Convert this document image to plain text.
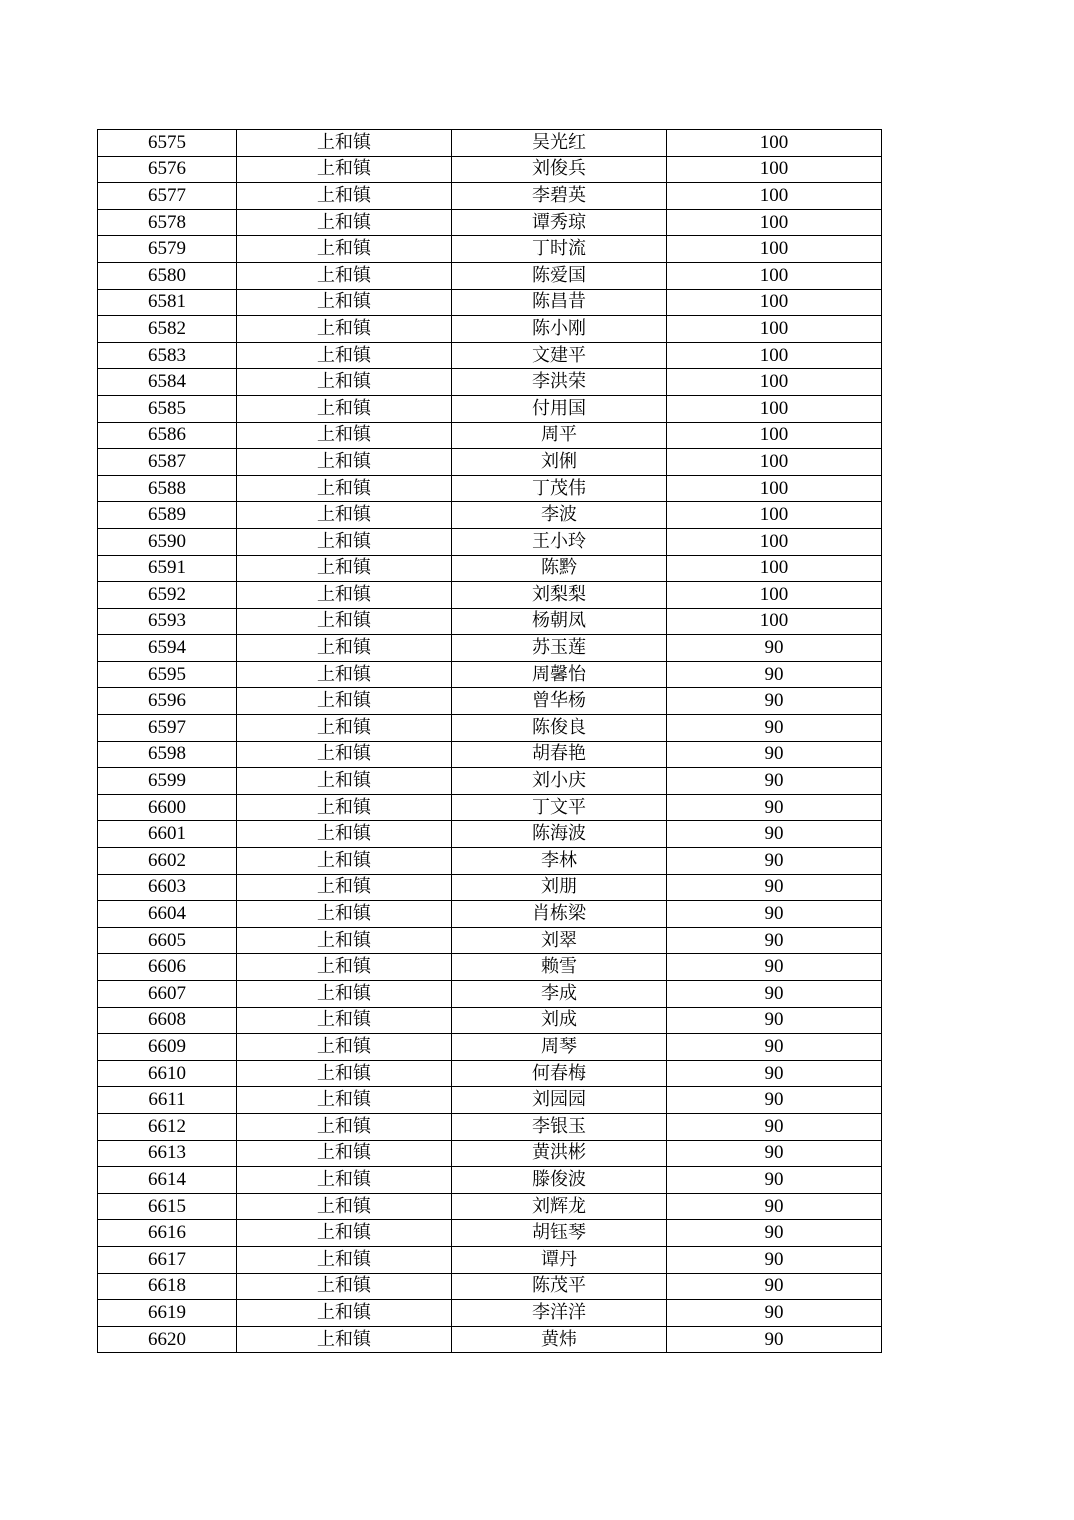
6575	上和镇	吴光红	100
6576	上和镇	刘俊兵	100
6577	上和镇	李碧英	100
6578	上和镇	谭秀琼	100
6579	上和镇	丁时流	100
6580	上和镇	陈爱国	100
6581	上和镇	陈昌昔	100
6582	上和镇	陈小刚	100
6583	上和镇	文建平	100
6584	上和镇	李洪荣	100
6585	上和镇	付用国	100
6586	上和镇	周平	100
6587	上和镇	刘俐	100
6588	上和镇	丁茂伟	100
6589	上和镇	李波	100
6590	上和镇	王小玲	100
6591	上和镇	陈黔	100
6592	上和镇	刘梨梨	100
6593	上和镇	杨朝凤	100
6594	上和镇	苏玉莲	90
6595	上和镇	周馨怡	90
6596	上和镇	曾华杨	90
6597	上和镇	陈俊良	90
6598	上和镇	胡春艳	90
6599	上和镇	刘小庆	90
6600	上和镇	丁文平	90
6601	上和镇	陈海波	90
6602	上和镇	李林	90
6603	上和镇	刘朋	90
6604	上和镇	肖栋梁	90
6605	上和镇	刘翠	90
6606	上和镇	赖雪	90
6607	上和镇	李成	90
6608	上和镇	刘成	90
6609	上和镇	周琴	90
6610	上和镇	何春梅	90
6611	上和镇	刘园园	90
6612	上和镇	李银玉	90
6613	上和镇	黄洪彬	90
6614	上和镇	滕俊波	90
6615	上和镇	刘辉龙	90
6616	上和镇	胡钰琴	90
6617	上和镇	谭丹	90
6618	上和镇	陈茂平	90
6619	上和镇	李洋洋	90
6620	上和镇	黄炜	90
